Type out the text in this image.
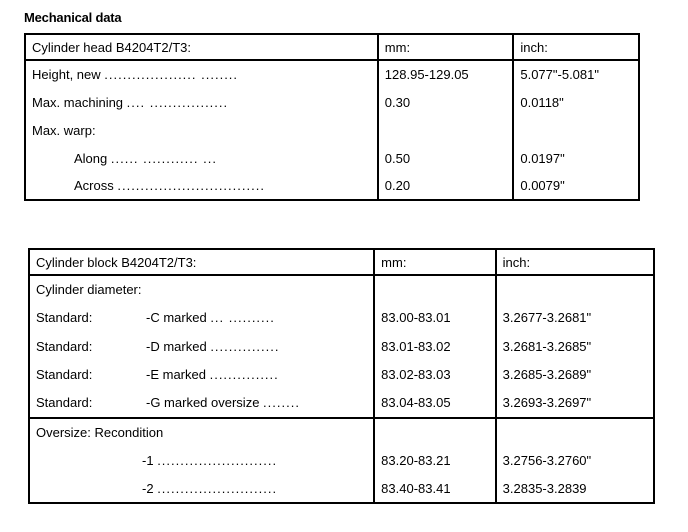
Mechanical data
Cylinder head B4204T2/T3:	mm:	inch:
Height, new .................... ........	128.95-129.05	5.077"-5.081"
Max. machining .... .................	0.30	0.0118"
Max. warp:		
Along ...... ............ ...	0.50	0.0197"
Across ................................	0.20	0.0079"
Cylinder block B4204T2/T3:	mm:	inch:
Cylinder diameter:		
Standard: -C marked ... ..........	83.00-83.01	3.2677-3.2681"
Standard: -D marked ...............	83.01-83.02	3.2681-3.2685"
Standard: -E marked ...............	83.02-83.03	3.2685-3.2689"
Standard: -G marked oversize ........	83.04-83.05	3.2693-3.2697"
Oversize: Recondition		
-1 ..........................	83.20-83.21	3.2756-3.2760"
-2 ..........................	83.40-83.41	3.2835-3.2839
